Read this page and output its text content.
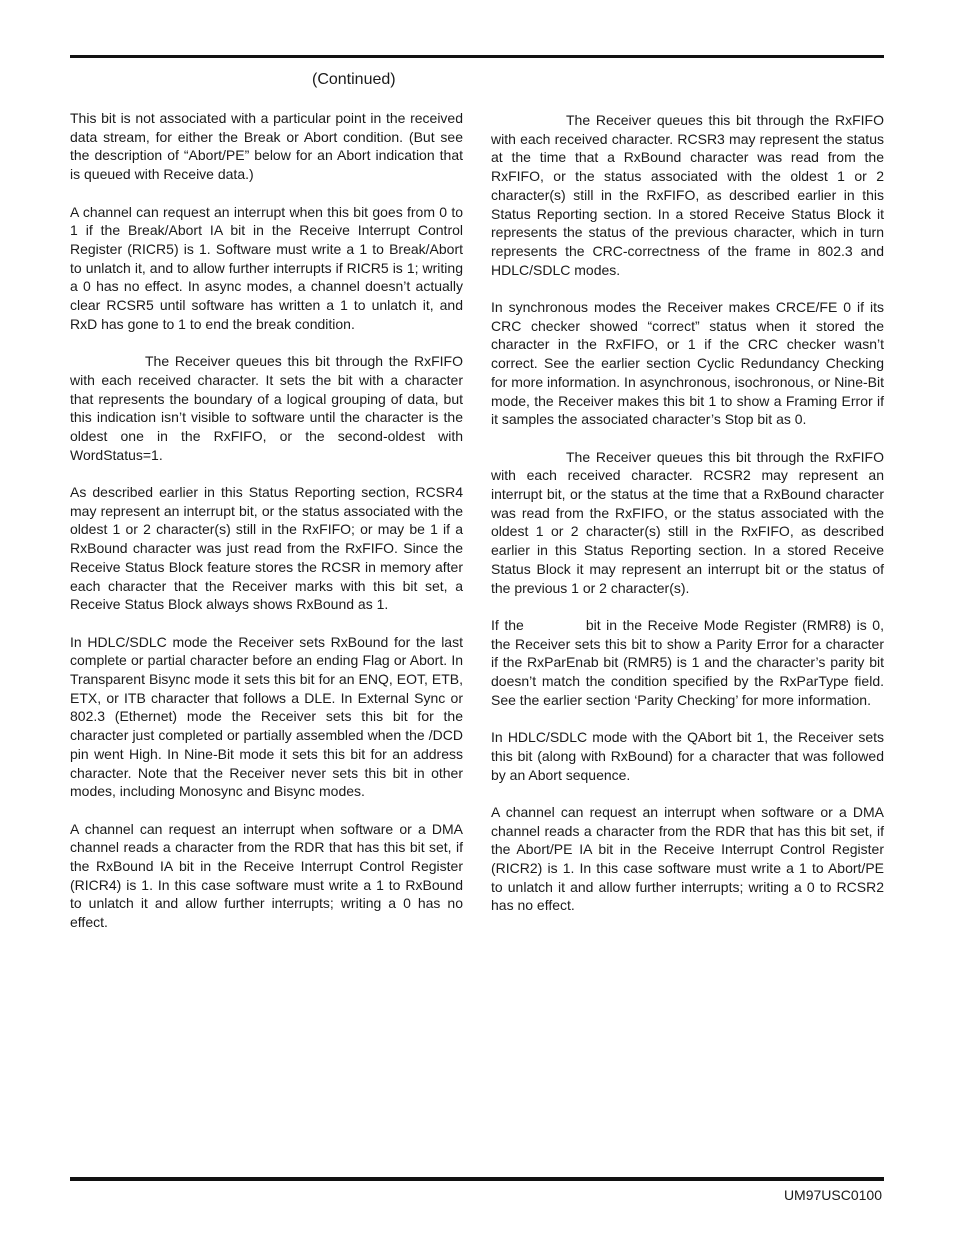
(Continued)

This bit is not associated with a particular point in the received data stream, for either the Break or Abort condition. (But see the description of “Abort/PE” below for an Abort indication that is queued with Receive data.)

A channel can request an interrupt when this bit goes from 0 to 1 if the Break/Abort IA bit in the Receive Interrupt Control Register (RICR5) is 1. Software must write a 1 to Break/Abort to unlatch it, and to allow further interrupts if RICR5 is 1; writing a 0 has no effect. In async modes, a channel doesn’t actually clear RCSR5 until software has written a 1 to unlatch it, and RxD has gone to 1 to end the break condition.

The Receiver queues this bit through the RxFIFO with each received character. It sets the bit with a character that represents the boundary of a logical grouping of data, but this indication isn’t visible to software until the character is the oldest one in the RxFIFO, or the second-oldest with WordStatus=1.

As described earlier in this Status Reporting section, RCSR4 may represent an interrupt bit, or the status associated with the oldest 1 or 2 character(s) still in the RxFIFO; or may be 1 if a RxBound character was just read from the RxFIFO. Since the Receive Status Block feature stores the RCSR in memory after each character that the Receiver marks with this bit set, a Receive Status Block always shows RxBound as 1.

In HDLC/SDLC mode the Receiver sets RxBound for the last complete or partial character before an ending Flag or Abort. In Transparent Bisync mode it sets this bit for an ENQ, EOT, ETB, ETX, or ITB character that follows a DLE. In External Sync or 802.3 (Ethernet) mode the Receiver sets this bit for the character just completed or partially assembled when the /DCD pin went High. In Nine-Bit mode it sets this bit for an address character. Note that the Receiver never sets this bit in other modes, including Monosync and Bisync modes.

A channel can request an interrupt when software or a DMA channel reads a character from the RDR that has this bit set, if the RxBound IA bit in the Receive Interrupt Control Register (RICR4) is 1. In this case software must write a 1 to RxBound to unlatch it and allow further interrupts; writing a 0 has no effect.

The Receiver queues this bit through the RxFIFO with each received character. RCSR3 may represent the status at the time that a RxBound character was read from the RxFIFO, or the status associated with the oldest 1 or 2 character(s) still in the RxFIFO, as described earlier in this Status Reporting section. In a stored Receive Status Block it represents the status of the previous character, which in turn represents the CRC-correctness of the frame in 802.3 and HDLC/SDLC modes.

In synchronous modes the Receiver makes CRCE/FE 0 if its CRC checker showed “correct” status when it stored the character in the RxFIFO, or 1 if the CRC checker wasn’t correct. See the earlier section Cyclic Redundancy Checking for more information. In asynchronous, isochronous, or Nine-Bit mode, the Receiver makes this bit 1 to show a Framing Error if it samples the associated character’s Stop bit as 0.

The Receiver queues this bit through the RxFIFO with each received character. RCSR2 may represent an interrupt bit, or the status at the time that a RxBound character was read from the RxFIFO, or the status associated with the oldest 1 or 2 character(s) still in the RxFIFO, as described earlier in this Status Reporting section. In a stored Receive Status Block it may represent an interrupt bit or the status of the previous 1 or 2 character(s).

If the	bit in the Receive Mode Register (RMR8) is 0, the Receiver sets this bit to show a Parity Error for a character if the RxParEnab bit (RMR5) is 1 and the character’s parity bit doesn’t match the condition specified by the RxParType field. See the earlier section ‘Parity Checking’ for more information.

In HDLC/SDLC mode with the QAbort bit 1, the Receiver sets this bit (along with RxBound) for a character that was followed by an Abort sequence.

A channel can request an interrupt when software or a DMA channel reads a character from the RDR that has this bit set, if the Abort/PE IA bit in the Receive Interrupt Control Register (RICR2) is 1. In this case software must write a 1 to Abort/PE to unlatch it and allow further interrupts; writing a 0 to RCSR2 has no effect.

UM97USC0100
